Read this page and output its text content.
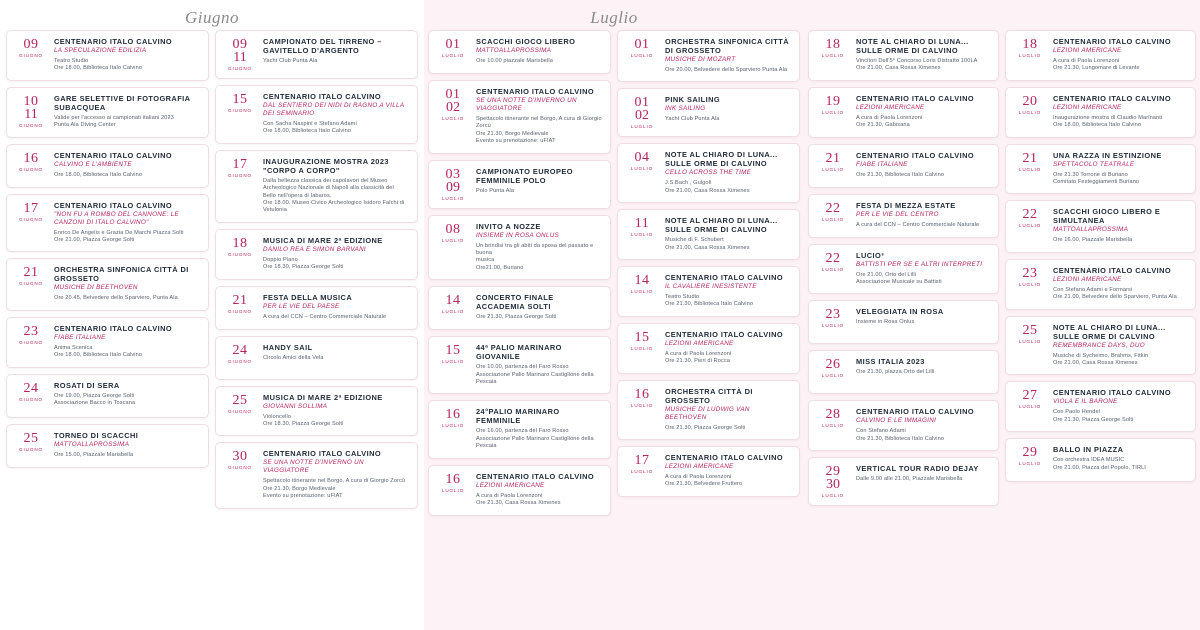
Giugno
09
GIUGNO
CENTENARIO ITALO CALVINO
LA SPECULAZIONE EDILIZIA
Teatro Studio
Ore 18.00, Biblioteca Italo Calvino
10
11
GIUGNO
GARE SELETTIVE DI FOTOGRAFIA SUBACQUEA
Valide per l'accesso ai campionati italiani 2023
Punta Ala Diving Center
16
GIUGNO
CENTENARIO ITALO CALVINO
CALVINO E L'AMBIENTE
Ore 18.00, Biblioteca Italo Calvino
17
GIUGNO
CENTENARIO ITALO CALVINO
"NON FU A ROMBO DEL CANNONE: LE CANZONI DI ITALO CALVINO"
Enrico De Angelis e Grazia De Marchi Piazza Solti
Ore 21.00, Piazza George Solti
21
GIUGNO
ORCHESTRA SINFONICA CITTÀ DI GROSSETO
MUSICHE DI BEETHOVEN
Ore 20.45, Belvedere dello Sparviero, Punta Ala
23
GIUGNO
CENTENARIO ITALO CALVINO
FIABE ITALIANE
Anima Scenica
Ore 18.00, Biblioteca Italo Calvino
24
GIUGNO
ROSATI DI SERA
Ore 19.00, Piazza George Solti
Associazione Bacco in Toscana
25
GIUGNO
TORNEO DI SCACCHI
MATTOALLAPROSSIMA
Ore 15.00, Piazzale Marisbella
09
11
GIUGNO
CAMPIONATO DEL TIRRENO – GAVITELLO D'ARGENTO
Yacht Club Punta Ala
15
GIUGNO
CENTENARIO ITALO CALVINO
DAL SENTIERO DEI NIDI DI RAGNO A VILLA DEI SEMINARIO
Con Sacha Naspini e Stefano Adami
Ore 18.00, Biblioteca Italo Calvino
17
GIUGNO
INAUGURAZIONE MOSTRA 2023 "CORPO A CORPO"
Dalla bellezza classica dei capolavori del Museo
Archeologico Nazionale di Napoli alla classicità del
Bello nell'opera di Iabaros.
Ore 18.00, Museo Civico Archeologico Isidoro Falchi di
Vetulonia
18
GIUGNO
MUSICA DI MARE 2ª EDIZIONE
DANILO REA E SIMON BARVANI
Doppio Piano
Ore 18.30, Piazza George Solti
21
GIUGNO
FESTA DELLA MUSICA
PER LE VIE DEL PAESE
A cura del CCN – Centro Commerciale Naturale
24
GIUGNO
HANDY SAIL
Circolo Amici della Vela
25
GIUGNO
MUSICA DI MARE 2ª EDIZIONE
GIOVANNI SOLLIMA
Violoncello
Ore 18.30, Piazza George Solti
30
GIUGNO
CENTENARIO ITALO CALVINO
SE UNA NOTTE D'INVERNO UN VIAGGIATORE
Spettacolo itinerante nel Borgo, A cura di Giorgio Zorcù
Ore 21.30, Borgo Medievale
Evento su prenotazione: uFIAT
Luglio
01
LUGLIO
SCACCHI GIOCO LIBERO
MATTOALLAPROSSIMA
Ore 10.00 piazzale Marisbella
01
02
LUGLIO
CENTENARIO ITALO CALVINO
SE UNA NOTTE D'INVERNO UN VIAGGIATORE
Spettacolo itinerante nel Borgo, A cura di Giorgio Zorcù
Ore 21.30, Borgo Medievale
Evento su prenotazione: uFIAT
03
09
LUGLIO
CAMPIONATO EUROPEO FEMMINILE POLO
Polo Punta Ala
08
LUGLIO
INVITO A NOZZE
INSIEME IN ROSA ONLUS
Un brindisi tra gli abiti da sposa del passato e buona
musica
Ore21.00, Buriano
14
LUGLIO
CONCERTO FINALE ACCADEMIA SOLTI
Ore 21.30, Piazza George Solti
15
LUGLIO
44ª PALIO MARINARO GIOVANILE
Ore 10.00, partenza del Faro Rosso
Associazione Palio Marinaro Castiglione della Pescaia
16
LUGLIO
24°PALIO MARINARO FEMMINILE
Ore 16.00, partenza del Faro Rosso
Associazione Palio Marinaro Castiglione della Pescaia
16
LUGLIO
CENTENARIO ITALO CALVINO
LEZIONI AMERICANE
A cura di Paola Lorenzoni
Ore 21.30, Casa Rossa Ximenes
01
LUGLIO
ORCHESTRA SINFONICA CITTÀ DI GROSSETO
MUSICHE DI MOZART
Ore 20.00, Belvedere dello Sparviero Punta Ala
01
02
LUGLIO
PINK SAILING
INK SAILING
Yacht Club Punta Ala
04
LUGLIO
NOTE AL CHIARO DI LUNA... SULLE ORME DI CALVINO
CELLO ACROSS THE TIME
J.S.Bach , Gulgoli
Ore 21.00, Casa Rossa Ximenes
11
LUGLIO
NOTE AL CHIARO DI LUNA... SULLE ORME DI CALVINO
Musiche di F. Schubert
Ore 21.00, Casa Rossa Ximenes
14
LUGLIO
CENTENARIO ITALO CALVINO
IL CAVALIERE INESISTENTE
Teatro Studio
Ore 21.30, Biblioteca Italo Calvino
15
LUGLIO
CENTENARIO ITALO CALVINO
LEZIONI AMERICANE
A cura di Paola Lorenzoni
Ore 21.30, Pieri di Rocca
16
LUGLIO
ORCHESTRA CITTÀ DI GROSSETO
MUSICHE DI LUDWIG VAN BEETHOVEN
Ore 21.30, Piazza George Solti
17
LUGLIO
CENTENARIO ITALO CALVINO
LEZIONI AMERICANE
A cura di Paola Lorenzoni
Ore 21.30, Belvedere Fruttero

18
LUGLIO
NOTE AL CHIARO DI LUNA... SULLE ORME DI CALVINO
Vincitori Dell'5° Concorso Loris Distratto 100LA
Ore 21.00, Casa Rossa Ximenes
19
LUGLIO
CENTENARIO ITALO CALVINO
LEZIONI AMERICANE
A cura di Paola Lorenzoni
Ore 21.30, Gabisana
21
LUGLIO
CENTENARIO ITALO CALVINO
FIABE ITALIANE
Ore 21.30, Biblioteca Italo Calvino
22
LUGLIO
FESTA DI MEZZA ESTATE
PER LE VIE DEL CENTRO
A cura del CCN – Centro Commerciale Naturale
22
LUGLIO
LUCIO³
BATTISTI PER SE E ALTRI INTERPRETI
Ore 21.00, Orto del Lilli
Associazione Musicale su Battisti
23
LUGLIO
VELEGGIATA IN ROSA
Insieme in Rosa Onlus
26
LUGLIO
MISS ITALIA 2023
Ore 21.30, piazza Orto del Lilli
28
LUGLIO
CENTENARIO ITALO CALVINO
CALVINO E LE IMMAGINI
Con Stefano Adami
Ore 21.30, Biblioteca Italo Calvino
29
30
LUGLIO
VERTICAL TOUR RADIO DEJAY
Dalle 9.00 alle 21.00, Piazzale Marisbella
18
LUGLIO
CENTENARIO ITALO CALVINO
LEZIONI AMERICANE
A cura di Paola Lorenzoni
Ore 21.30, Lungomare di Levante
20
LUGLIO
CENTENARIO ITALO CALVINO
LEZIONI AMERICANE
Inaugurazione mostra di Claudio Marinanti
Ore 18.00, Biblioteca Italo Calvino
21
LUGLIO
UNA RAZZA IN ESTINZIONE
SPETTACOLO TEATRALE
Ore 21.30 Torrone di Buriano
Comitato Festeggiamenti Buriano
22
LUGLIO
SCACCHI GIOCO LIBERO E SIMULTANEA
MATTOALLAPROSSIMA
Ore 16.00, Piazzale Marisbella
23
LUGLIO
CENTENARIO ITALO CALVINO
LEZIONI AMERICANE
Con Stefano Adami e Formarsi
Ore 21.00, Belvedere dello Sparviero, Punta Ala
25
LUGLIO
NOTE AL CHIARO DI LUNA... SULLE ORME DI CALVINO
REMEMBRANCE DAYS, DUO
Musiche di Sycheimo, Brahms, Fitkin
Ore 21.00, Casa Rossa Ximenes
27
LUGLIO
CENTENARIO ITALO CALVINO
VIOLA E IL BARONE
Con Paolo Hendel
Ore 21.30, Piazza George Solti
29
LUGLIO
BALLO IN PIAZZA
Con orchestra IDEA MUSIC
Ore 21.00, Piazza del Popolo, TIRLI
